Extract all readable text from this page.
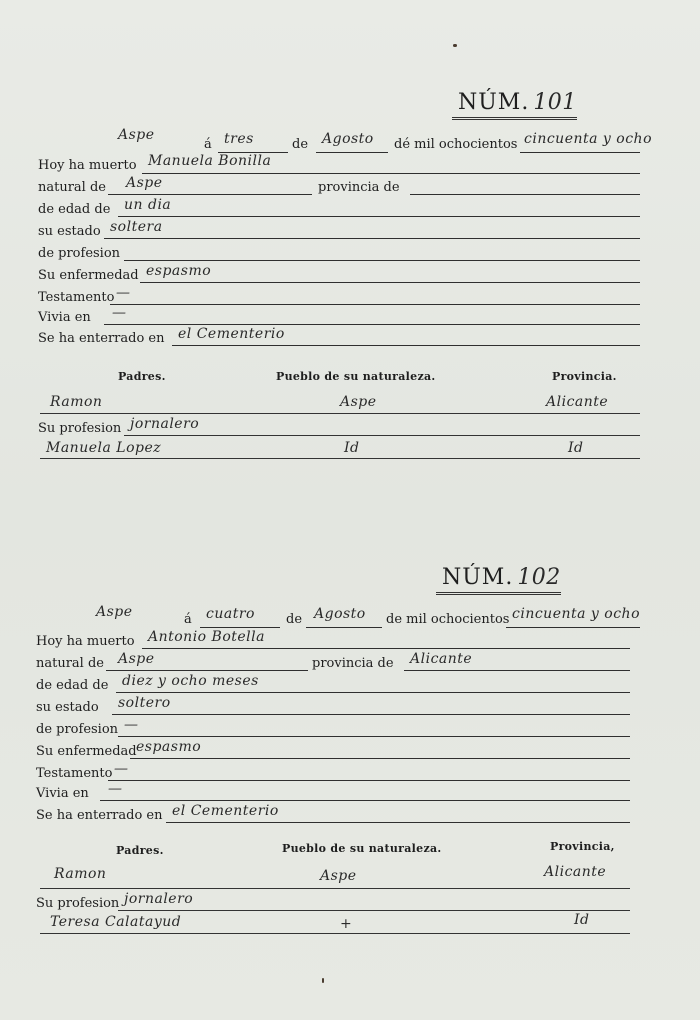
NÚM. 101
Aspe
á tres	de Agosto dé mil ochocientos cincuenta y ocho
Hoy ha muerto Manuela Bonilla
natural de Aspe	provincia de
de edad de un dia
su estado soltera
de profesion
Su enfermedad espasmo
Testamento —
Vivia en —
Se ha enterrado en el Cementerio
Padres.	Pueblo de su naturaleza.	Provincia.
Ramon	Aspe	Alicante
Su profesion jornalero
Manuela Lopez	Id	Id
NÚM. 102
Aspe	á cuatro de Agosto de mil ochocientos cincuenta y ocho
Hoy ha muerto Antonio Botella
natural de Aspe	provincia de Alicante
de edad de diez y ocho meses
su estado soltero
de profesion —
Su enfermedad espasmo
Testamento —
Vivia en —
Se ha enterrado en el Cementerio
Padres.	Pueblo de su naturaleza.	Provincia,
Ramon	Aspe	Alicante
Su profesion jornalero
Teresa Calatayud	+	Id
